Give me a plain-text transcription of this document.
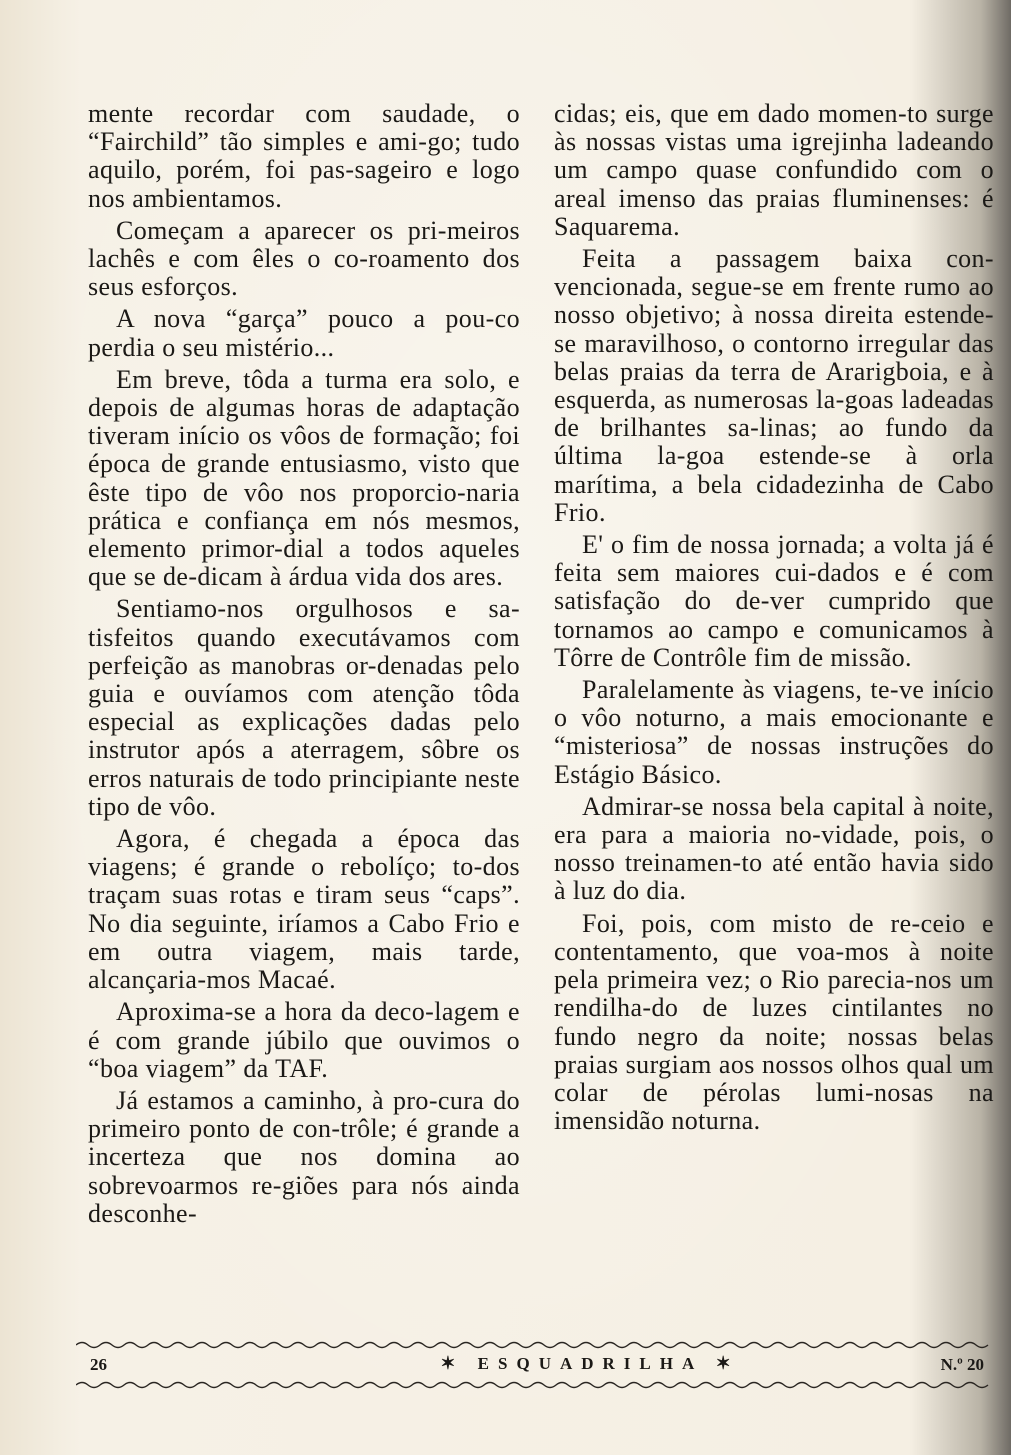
mente recordar com saudade, o “Fairchild” tão simples e ami-go; tudo aquilo, porém, foi pas-sageiro e logo nos ambientamos.

Começam a aparecer os pri-meiros lachês e com êles o co-roamento dos seus esforços.

A nova “garça” pouco a pou-co perdia o seu mistério...

Em breve, tôda a turma era solo, e depois de algumas horas de adaptação tiveram início os vôos de formação; foi época de grande entusiasmo, visto que êste tipo de vôo nos proporcio-naria prática e confiança em nós mesmos, elemento primor-dial a todos aqueles que se de-dicam à árdua vida dos ares.

Sentiamo-nos orgulhosos e sa-tisfeitos quando executávamos com perfeição as manobras or-denadas pelo guia e ouvíamos com atenção tôda especial as explicações dadas pelo instrutor após a aterragem, sôbre os erros naturais de todo principiante neste tipo de vôo.

Agora, é chegada a época das viagens; é grande o rebolíço; to-dos traçam suas rotas e tiram seus “caps”. No dia seguinte, iríamos a Cabo Frio e em outra viagem, mais tarde, alcançaria-mos Macaé.

Aproxima-se a hora da deco-lagem e é com grande júbilo que ouvimos o “boa viagem” da TAF.

Já estamos a caminho, à pro-cura do primeiro ponto de con-trôle; é grande a incerteza que nos domina ao sobrevoarmos re-giões para nós ainda desconhe-

cidas; eis, que em dado momen-to surge às nossas vistas uma igrejinha ladeando um campo quase confundido com o areal imenso das praias fluminenses: é Saquarema.

Feita a passagem baixa con-vencionada, segue-se em frente rumo ao nosso objetivo; à nossa direita estende-se maravilhoso, o contorno irregular das belas praias da terra de Ararigboia, e à esquerda, as numerosas la-goas ladeadas de brilhantes sa-linas; ao fundo da última la-goa estende-se à orla marítima, a bela cidadezinha de Cabo Frio.

E' o fim de nossa jornada; a volta já é feita sem maiores cui-dados e é com satisfação do de-ver cumprido que tornamos ao campo e comunicamos à Tôrre de Contrôle fim de missão.

Paralelamente às viagens, te-ve início o vôo noturno, a mais emocionante e “misteriosa” de nossas instruções do Estágio Básico.

Admirar-se nossa bela capital à noite, era para a maioria no-vidade, pois, o nosso treinamen-to até então havia sido à luz do dia.

Foi, pois, com misto de re-ceio e contentamento, que voa-mos à noite pela primeira vez; o Rio parecia-nos um rendilha-do de luzes cintilantes no fundo negro da noite; nossas belas praias surgiam aos nossos olhos qual um colar de pérolas lumi-nosas na imensidão noturna.

26	✶ ESQUADRILHA ✶	N.º 20
